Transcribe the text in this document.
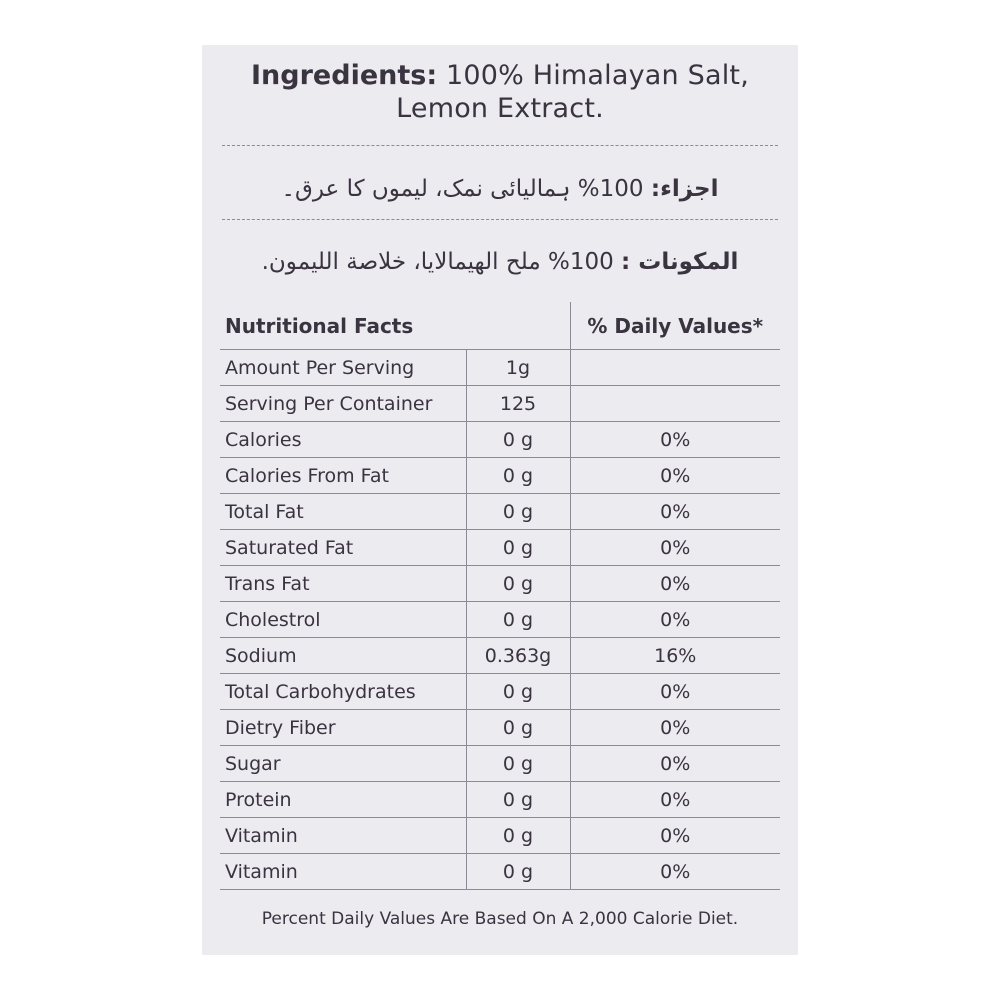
Ingredients: 100% Himalayan Salt,
Lemon Extract.
اجزاء: 100% ہمالیائی نمک، لیموں کا عرق۔
المكونات : 100% ملح الهيمالايا، خلاصة الليمون.
Nutritional Facts		% Daily Values*
Amount Per Serving	1g	
Serving Per Container	125	
Calories	0 g	0%
Calories From Fat	0 g	0%
Total Fat	0 g	0%
Saturated Fat	0 g	0%
Trans Fat	0 g	0%
Cholestrol	0 g	0%
Sodium	0.363g	16%
Total Carbohydrates	0 g	0%
Dietry Fiber	0 g	0%
Sugar	0 g	0%
Protein	0 g	0%
Vitamin	0 g	0%
Vitamin	0 g	0%
Percent Daily Values Are Based On A 2,000 Calorie Diet.
